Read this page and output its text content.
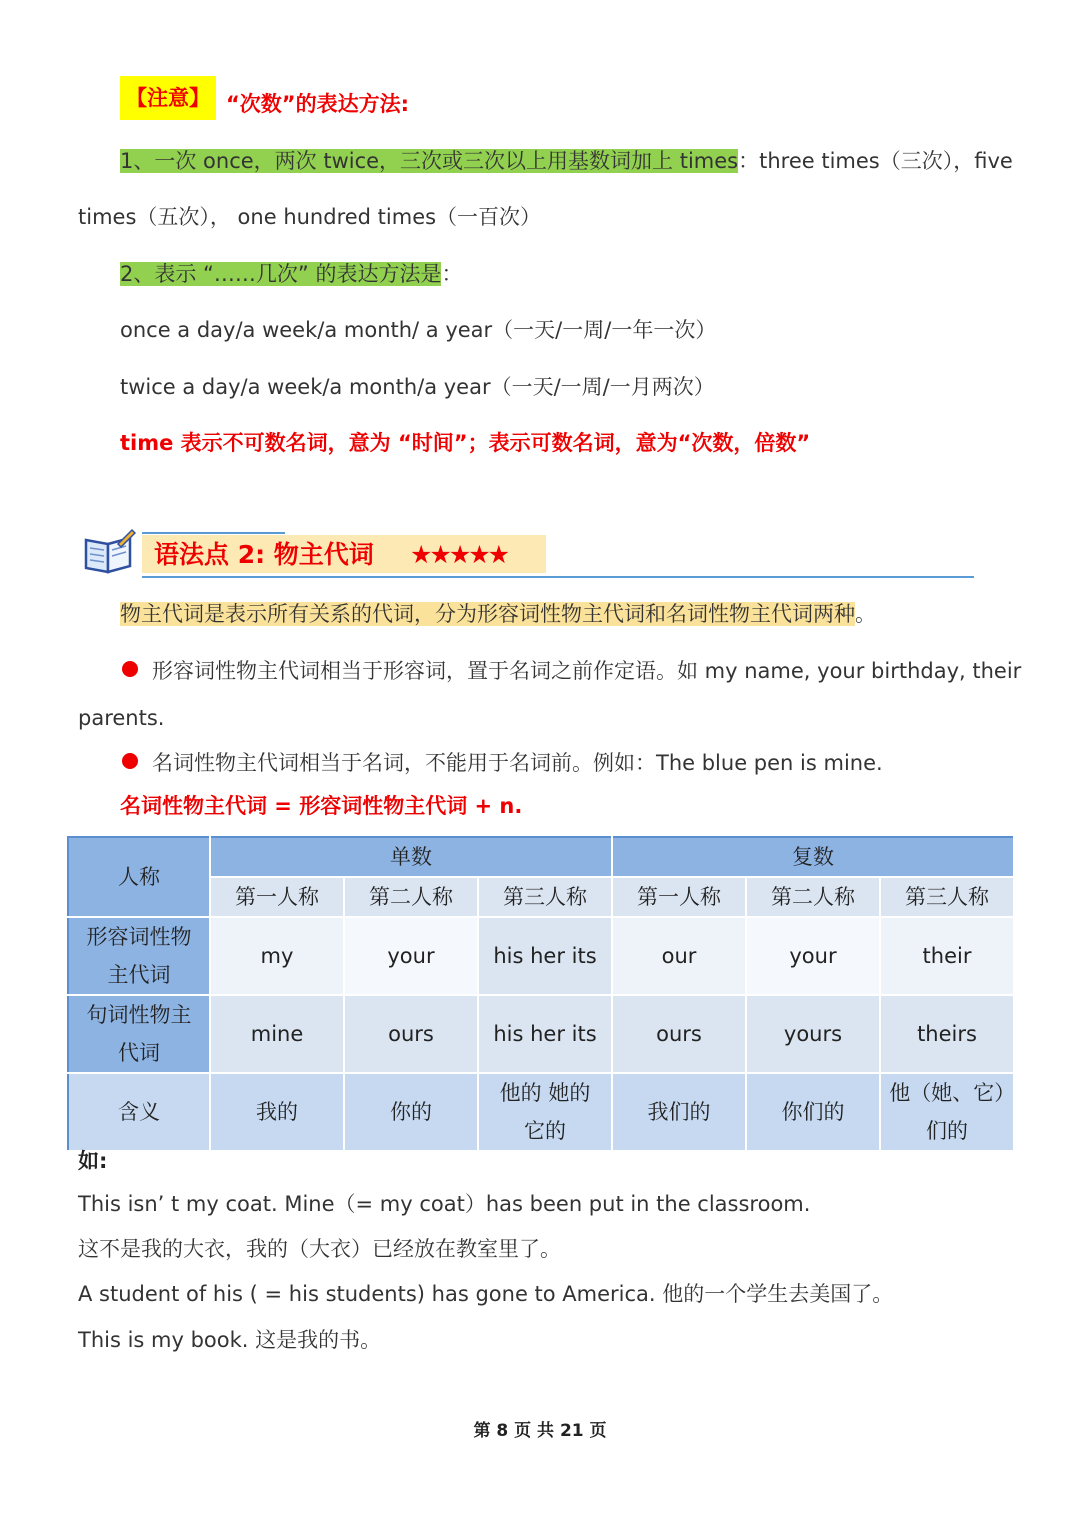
【注意】 “次数”的表达方法:
1、一次 once，两次 twice，三次或三次以上用基数词加上 times：three times（三次），five
times（五次）， one hundred times（一百次）
2、表示 “……几次” 的表达方法是：
once a day/a week/a month/ a year（一天/一周/一年一次）
twice a day/a week/a month/a year（一天/一周/一月两次）
time 表示不可数名词，意为 “时间”；表示可数名词，意为“次数，倍数”
语法点 2: 物主代词 ★★★★★
物主代词是表示所有关系的代词，分为形容词性物主代词和名词性物主代词两种。
形容词性物主代词相当于形容词，置于名词之前作定语。如 my name, your birthday, their
parents.
名词性物主代词相当于名词，不能用于名词前。例如：The blue pen is mine.
名词性物主代词 = 形容词性物主代词 + n.
人称	单数			复数		
	第一人称	第二人称	第三人称	第一人称	第二人称	第三人称
形容词性物主代词	my	your	his her its	our	your	their
句词性物主代词	mine	ours	his her its	ours	yours	theirs
含义	我的	你的	他的 她的 它的	我们的	你们的	他（她、它）们的
如:
This isn’ t my coat. Mine（= my coat）has been put in the classroom.
这不是我的大衣，我的（大衣）已经放在教室里了。
A student of his ( = his students) has gone to America. 他的一个学生去美国了。
This is my book. 这是我的书。
第 8 页 共 21 页
